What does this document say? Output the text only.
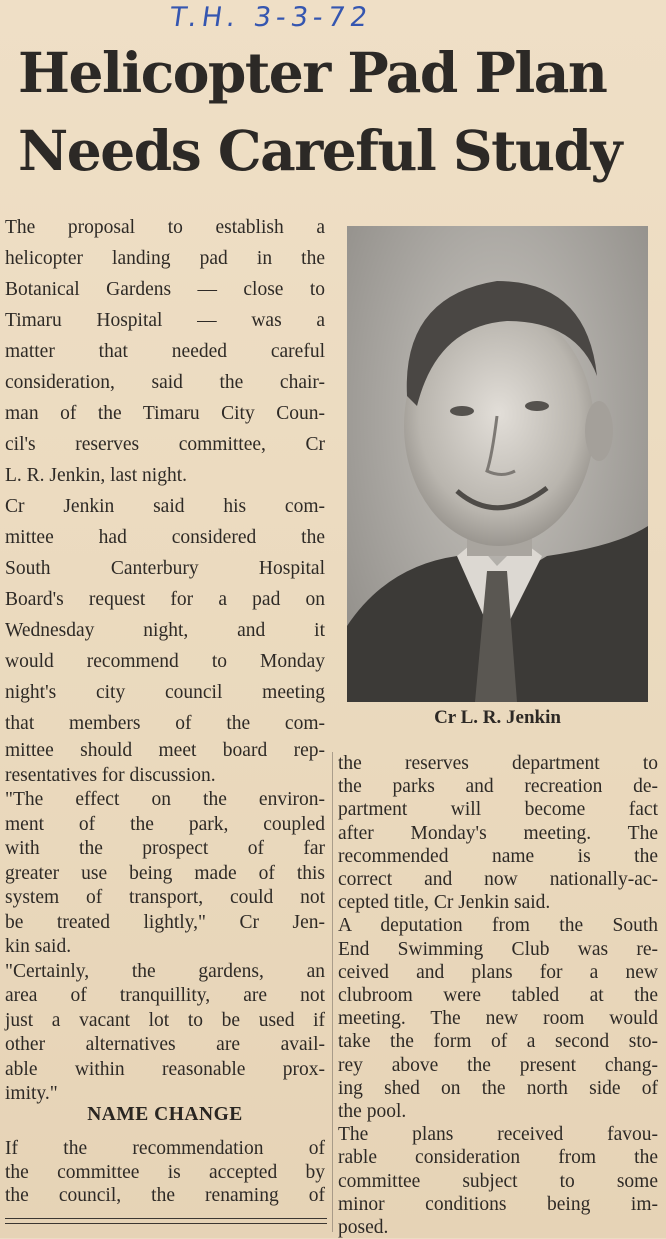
T.H. 3-3-72
Helicopter Pad Plan
Needs Careful Study
The proposal to establish a
helicopter landing pad in the
Botanical Gardens — close to
Timaru Hospital — was a
matter that needed careful
consideration, said the chair-
man of the Timaru City Coun-
cil's reserves committee, Cr
L. R. Jenkin, last night.
Cr Jenkin said his com-
mittee had considered the
South Canterbury Hospital
Board's request for a pad on
Wednesday night, and it
would recommend to Monday
night's city council meeting
that members of the com-
mittee should meet board rep-
resentatives for discussion.
"The effect on the environ-
ment of the park, coupled
with the prospect of far
greater use being made of this
system of transport, could not
be treated lightly," Cr Jen-
kin said.
"Certainly, the gardens, an
area of tranquillity, are not
just a vacant lot to be used if
other alternatives are avail-
able within reasonable prox-
imity."
Cr L. R. Jenkin
the reserves department to
the parks and recreation de-
partment will become fact
after Monday's meeting. The
recommended name is the
correct and now nationally-ac-
cepted title, Cr Jenkin said.
A deputation from the South
End Swimming Club was re-
ceived and plans for a new
clubroom were tabled at the
meeting. The new room would
take the form of a second sto-
rey above the present chang-
ing shed on the north side of
the pool.
The plans received favou-
rable consideration from the
committee subject to some
minor conditions being im-
posed.
NAME CHANGE
If the recommendation of
the committee is accepted by
the council, the renaming of
